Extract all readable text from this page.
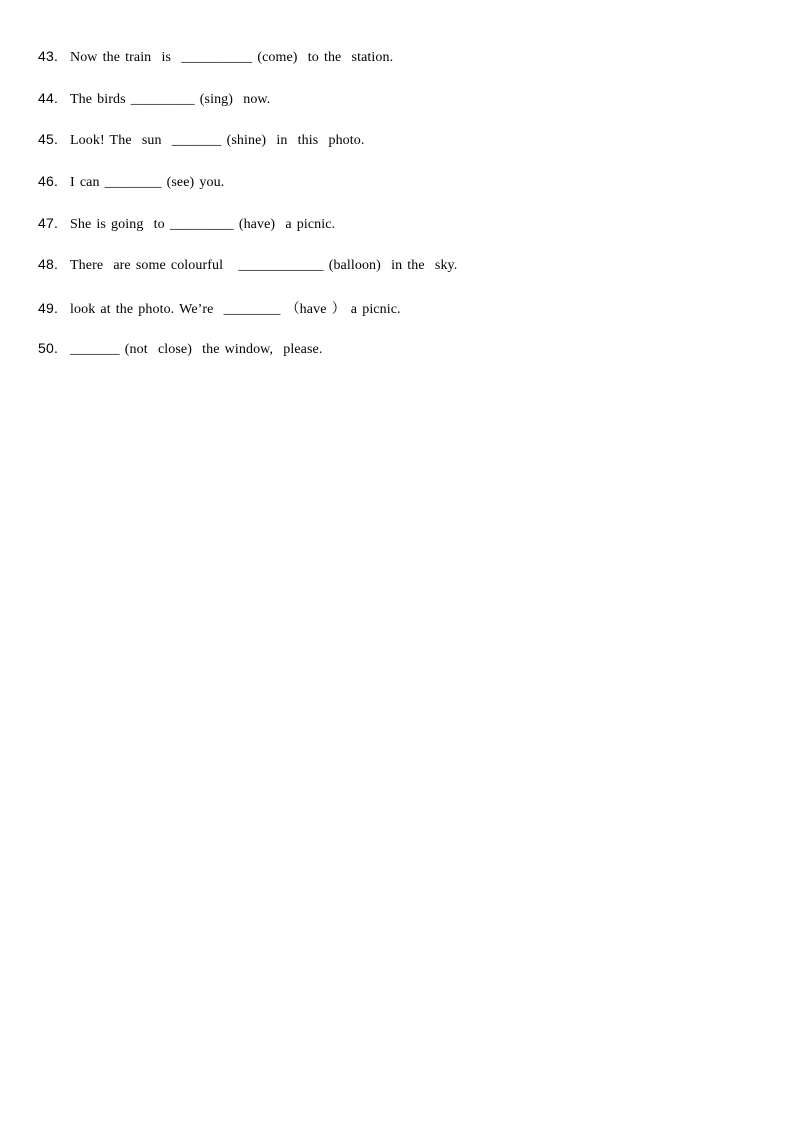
43. Now the train  is  __________ (come)  to the  station.
44. The birds _________ (sing)  now.
45. Look! The  sun  _______ (shine)  in  this  photo.
46. I can ________ (see) you.
47. She is going  to _________ (have)  a picnic.
48. There  are some colourful   ____________ (balloon)  in the  sky.
49. look at the photo. We’re  ________ （have ） a picnic.
50. _______ (not  close)  the window,  please.
